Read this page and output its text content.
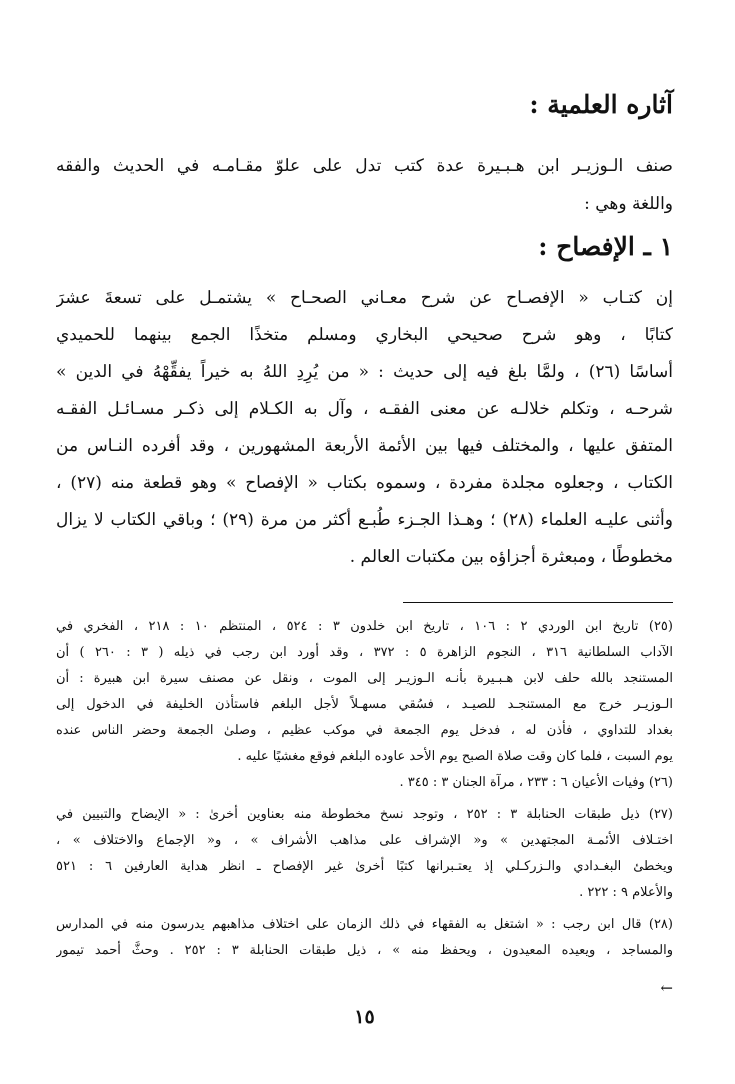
آثاره العلمية :
صنف الـوزيـر ابن هـبـيرة عدة كتب تدل على علوّ مقـامـه في الحديث والفقه
واللغة وهي :
١ ـ الإفصاح :
إن كتـاب « الإفصـاح عن شرح معـاني الصحـاح » يشتمـل على تسعةَ عشرَ
كتابًا ، وهو شرح صحيحي البخاري ومسلم متخذًا الجمع بينهما للحميدي
أساسًا (٢٦) ، ولمَّا بلغ فيه إلى حديث : « من يُرِدِ اللهُ به خيراً يفقِّهْهُ في الدين »
شرحـه ، وتكلم خلالـه عن معنى الفقـه ، وآل به الكـلام إلى ذكـر مسـائـل الفقـه
المتفق عليها ، والمختلف فيها بين الأئمة الأربعة المشهورين ، وقد أفرده النـاس من
الكتاب ، وجعلوه مجلدة مفردة ، وسموه بكتاب « الإفصاح » وهو قطعة منه (٢٧) ،
وأثنى عليـه العلماء (٢٨) ؛ وهـذا الجـزء طُبـع أكثر من مرة (٢٩) ؛ وباقي الكتاب لا يزال
مخطوطًا ، ومبعثرة أجزاؤه بين مكتبات العالم .
(٢٥) تاريخ ابن الوردي ٢ : ١٠٦ ، تاريخ ابن خلدون ٣ : ٥٢٤ ، المنتظم ١٠ : ٢١٨ ، الفخري في
الآداب السلطانية ٣١٦ ، النجوم الزاهرة ٥ : ٣٧٢ ، وقد أورد ابن رجب في ذيله ( ٣ : ٢٦٠ ) أن
المستنجد بالله حلف لابن هـبـيرة بأنـه الـوزيـر إلى الموت ، ونقل عن مصنف سيرة ابن هبيرة : أن
الـوزيـر خرج مع المستنجـد للصيـد ، فسُقي مسهـلاً لأجل البلغم فاستأذن الخليفة في الدخول إلى
بغداد للتداوي ، فأذن له ، فدخل يوم الجمعة في موكب عظيم ، وصلىٰ الجمعة وحضر الناس عنده
يوم السبت ، فلما كان وقت صلاة الصبح يوم الأحد عاوده البلغم فوقع مغشيًا عليه .
(٢٦) وفيات الأعيان ٦ : ٢٣٣ ، مرآة الجنان ٣ : ٣٤٥ .
(٢٧) ذيل طبقات الحنابلة ٣ : ٢٥٢ ، وتوجد نسخ مخطوطة منه بعناوين أخرىٰ : « الإيضاح والتبيين في
اختـلاف الأئمـة المجتهدين » و« الإشراف على مذاهب الأشراف » ، و« الإجماع والاختلاف » ،
ويخطئ البغـدادي والـزركـلي إذ يعتـبرانها كتبًا أخرىٰ غير الإفصاح ـ انظر هداية العارفين ٦ : ٥٢١
والأعلام ٩ : ٢٢٢ .
(٢٨) قال ابن رجب : « اشتغل به الفقهاء في ذلك الزمان على اختلاف مذاهبهم يدرسون منه في المدارس
والمساجد ، ويعيده المعيدون ، ويحفظ منه » ، ذيل طبقات الحنابلة ٣ : ٢٥٢ . وحثَّ أحمد تيمور
←
١٥
